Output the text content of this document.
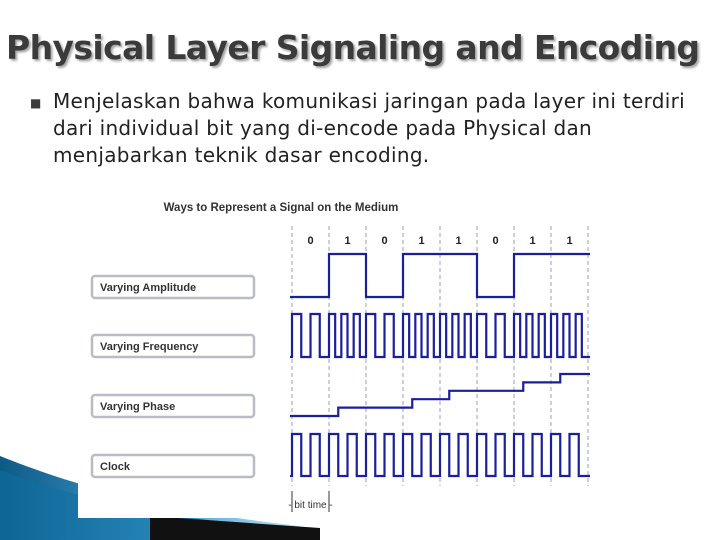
Physical Layer Signaling and Encoding
■ Menjelaskan bahwa komunikasi jaringan pada layer ini terdiri dari individual bit yang di-encode pada Physical dan menjabarkan teknik dasar encoding.
Ways to Represent a Signal on the Medium
0	1	0	1	1	0	1	1
Varying Amplitude
Varying Frequency
Varying Phase
Clock
- bit time -
